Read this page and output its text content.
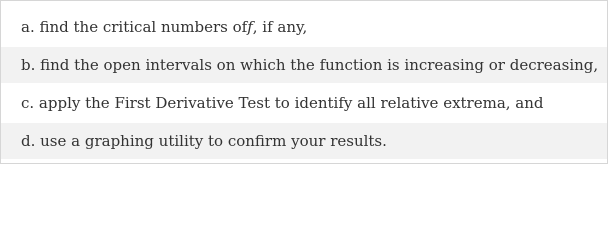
a. find the critical numbers of f , if any,
b. find the open intervals on which the function is increasing or decreasing,
c. apply the First Derivative Test to identify all relative extrema, and
d. use a graphing utility to confirm your results.
